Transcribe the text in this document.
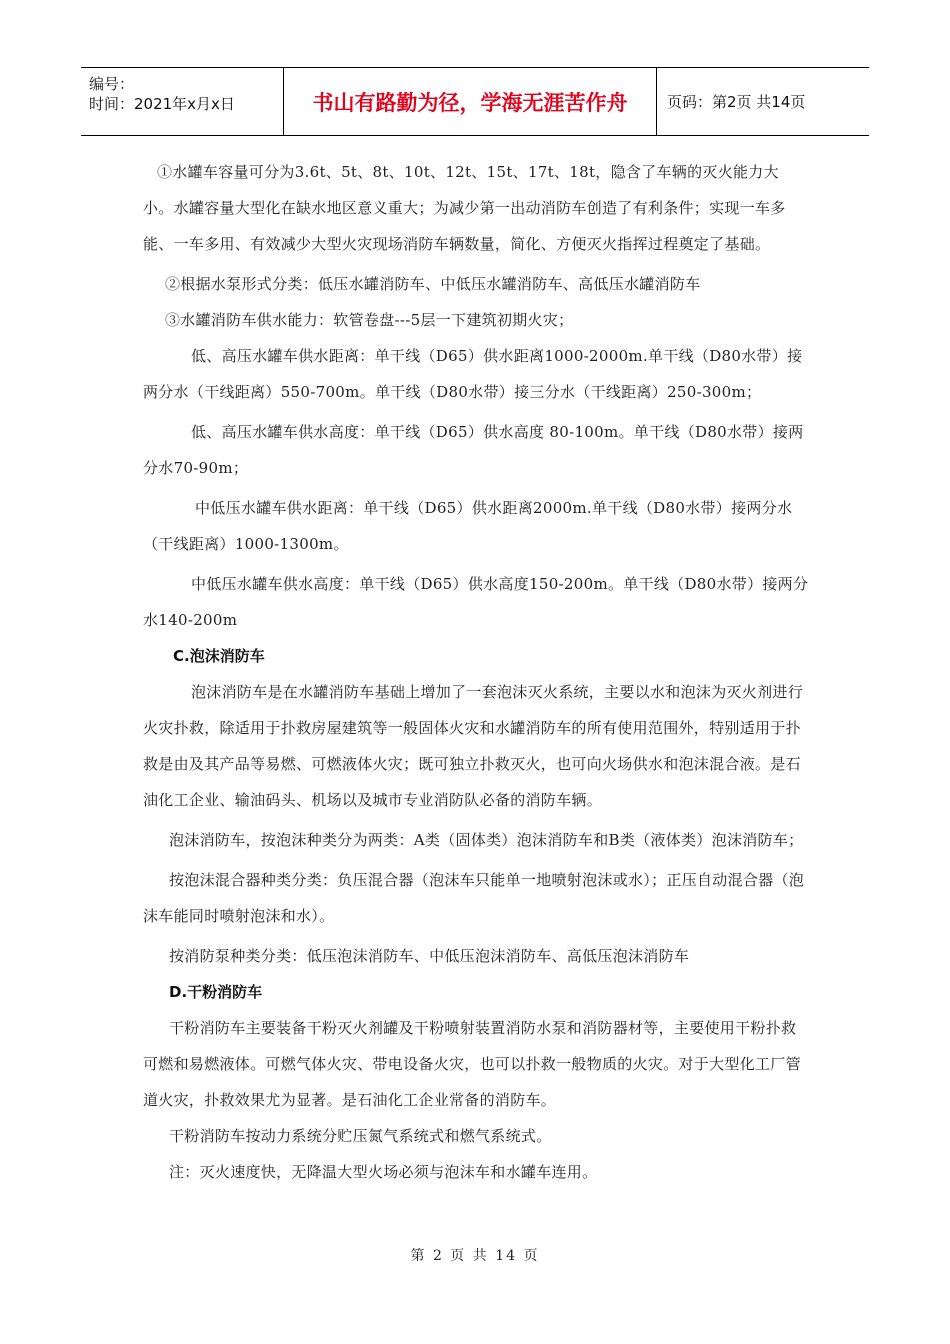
编号：
时间：2021年x月x日	书山有路勤为径，学海无涯苦作舟	页码：第2页 共14页

①水罐车容量可分为3.6t、5t、8t、10t、12t、15t、17t、18t，隐含了车辆的灭火能力大小。水罐容量大型化在缺水地区意义重大；为减少第一出动消防车创造了有利条件；实现一车多能、一车多用、有效减少大型火灾现场消防车辆数量，简化、方便灭火指挥过程奠定了基础。

②根据水泵形式分类：低压水罐消防车、中低压水罐消防车、高低压水罐消防车

③水罐消防车供水能力：软管卷盘---5层一下建筑初期火灾；

低、高压水罐车供水距离：单干线（D65）供水距离1000-2000m.单干线（D80水带）接两分水（干线距离）550-700m。单干线（D80水带）接三分水（干线距离）250-300m；

低、高压水罐车供水高度：单干线（D65）供水高度 80-100m。单干线（D80水带）接两分水70-90m；

中低压水罐车供水距离：单干线（D65）供水距离2000m.单干线（D80水带）接两分水（干线距离）1000-1300m。

中低压水罐车供水高度：单干线（D65）供水高度150-200m。单干线（D80水带）接两分水140-200m

C.泡沫消防车

泡沫消防车是在水罐消防车基础上增加了一套泡沫灭火系统，主要以水和泡沫为灭火剂进行火灾扑救，除适用于扑救房屋建筑等一般固体火灾和水罐消防车的所有使用范围外，特别适用于扑救是由及其产品等易燃、可燃液体火灾；既可独立扑救灭火，也可向火场供水和泡沫混合液。是石油化工企业、输油码头、机场以及城市专业消防队必备的消防车辆。

泡沫消防车，按泡沫种类分为两类：A类（固体类）泡沫消防车和B类（液体类）泡沫消防车；

按泡沫混合器种类分类：负压混合器（泡沫车只能单一地喷射泡沫或水）；正压自动混合器（泡沫车能同时喷射泡沫和水）。

按消防泵种类分类：低压泡沫消防车、中低压泡沫消防车、高低压泡沫消防车

D.干粉消防车

干粉消防车主要装备干粉灭火剂罐及干粉喷射装置消防水泵和消防器材等，主要使用干粉扑救可燃和易燃液体。可燃气体火灾、带电设备火灾，也可以扑救一般物质的火灾。对于大型化工厂管道火灾，扑救效果尤为显著。是石油化工企业常备的消防车。

干粉消防车按动力系统分贮压氮气系统式和燃气系统式。

注：灭火速度快，无降温大型火场必须与泡沫车和水罐车连用。

第 2 页 共 14 页
